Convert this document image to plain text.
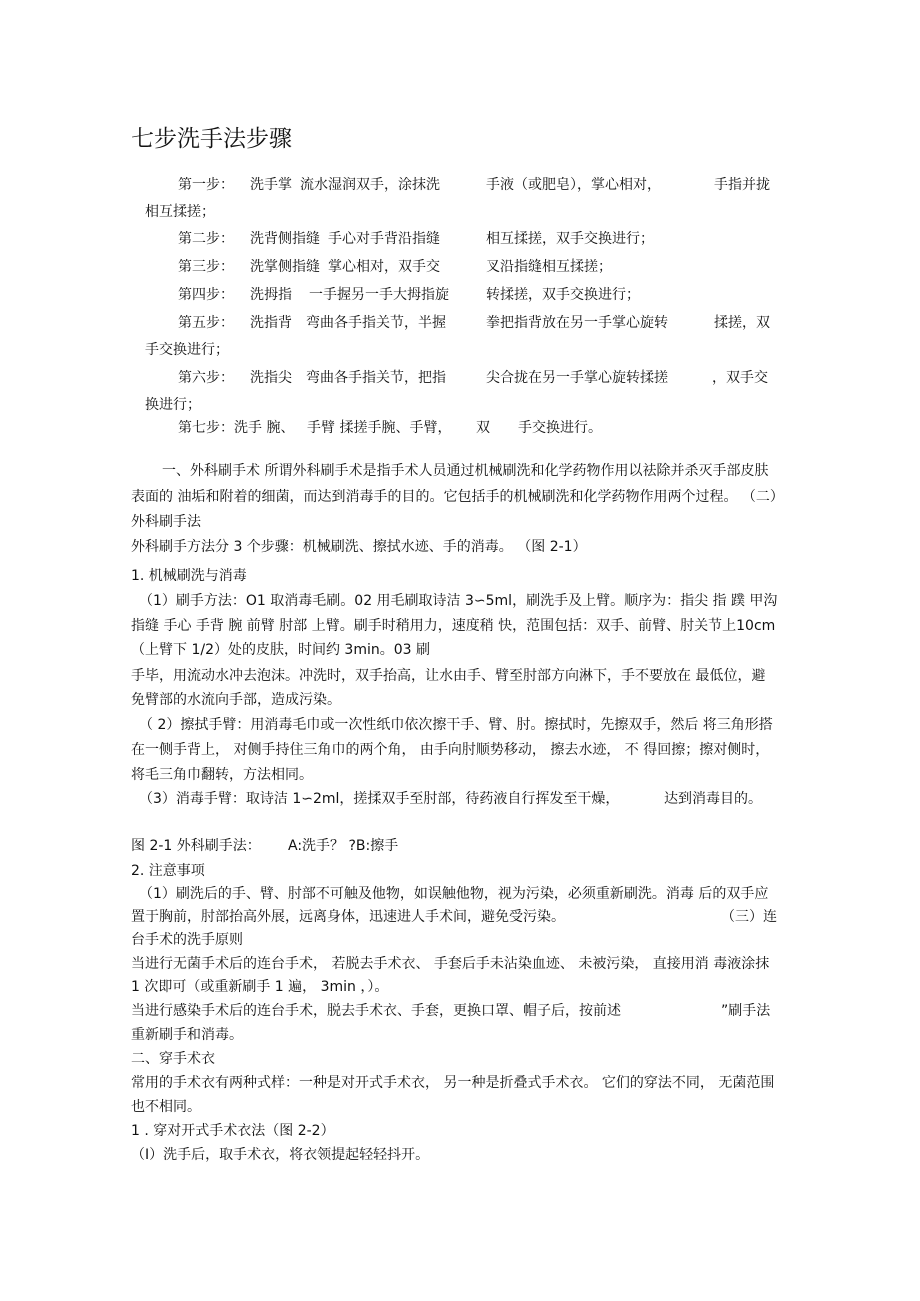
七步洗手法步骤
第一步： 洗手掌 流水湿润双手，涂抹洗	手液（或肥皂），掌心相对，	手指并拢
相互揉搓；
第二步： 洗背侧指缝 手心对手背沿指缝	相互揉搓，双手交换进行；
第三步： 洗掌侧指缝 掌心相对，双手交	叉沿指缝相互揉搓；
第四步： 洗拇指 一手握另一手大拇指旋	转揉搓，双手交换进行；
第五步： 洗指背 弯曲各手指关节，半握	拳把指背放在另一手掌心旋转	揉搓，双
手交换进行；
第六步： 洗指尖 弯曲各手指关节，把指	尖合拢在另一手掌心旋转揉搓	，双手交
换进行；
第七步：洗手 腕、 手臂 揉搓手腕、手臂， 双 手交换进行。
一、外科刷手术 所谓外科刷手术是指手术人员通过机械刷洗和化学药物作用以祛除并杀灭手部皮肤
表面的 油垢和附着的细菌，而达到消毒手的目的。它包括手的机械刷洗和化学药物作用两个过程。 （二）
外科刷手法
外科刷手方法分 3 个步骤：机械刷洗、擦拭水迹、手的消毒。 （图 2-1）
1. 机械刷洗与消毒
（1）刷手方法：O1 取消毒毛刷。02 用毛刷取诗洁 3∽5ml，刷洗手及上臂。顺序为：指尖 指 蹼 甲沟
指缝 手心 手背 腕 前臂 肘部 上臂。刷手时稍用力，速度稍 快，范围包括：双手、前臂、肘关节上10cm
（上臂下 1/2）处的皮肤，时间约 3min。03 刷
手毕，用流动水冲去泡沫。冲洗时，双手抬高，让水由手、臂至肘部方向淋下，手不要放在 最低位，避
免臂部的水流向手部，造成污染。
（ 2）擦拭手臂：用消毒毛巾或一次性纸巾依次擦干手、臂、肘。擦拭时，先擦双手，然后 将三角形搭
在一侧手背上， 对侧手持住三角巾的两个角， 由手向肘顺势移动， 擦去水迹， 不 得回擦；擦对侧时，
将毛三角巾翻转，方法相同。
（3）消毒手臂：取诗洁 1∽2ml，搓揉双手至肘部，待药液自行挥发至干燥，	达到消毒目的。
图 2-1 外科刷手法： A:洗手？ ?B:擦手
2. 注意事项
（1）刷洗后的手、臂、肘部不可触及他物，如误触他物，视为污染，必须重新刷洗。消毒 后的双手应
置于胸前，肘部抬高外展，远离身体，迅速进人手术间，避免受污染。	（三）连
台手术的洗手原则
当进行无菌手术后的连台手术， 若脱去手术衣、 手套后手未沾染血迹、 未被污染， 直接用消 毒液涂抹
1 次即可（或重新刷手 1 遍， 3min ，）。
当进行感染手术后的连台手术，脱去手术衣、手套，更换口罩、帽子后，按前述	”刷手法
重新刷手和消毒。
二、穿手术衣
常用的手术衣有两种式样：一种是对开式手术衣， 另一种是折叠式手术衣。 它们的穿法不同， 无菌范围
也不相同。
1 . 穿对开式手术衣法（图 2-2）
（I）洗手后，取手术衣，将衣领提起轻轻抖开。
